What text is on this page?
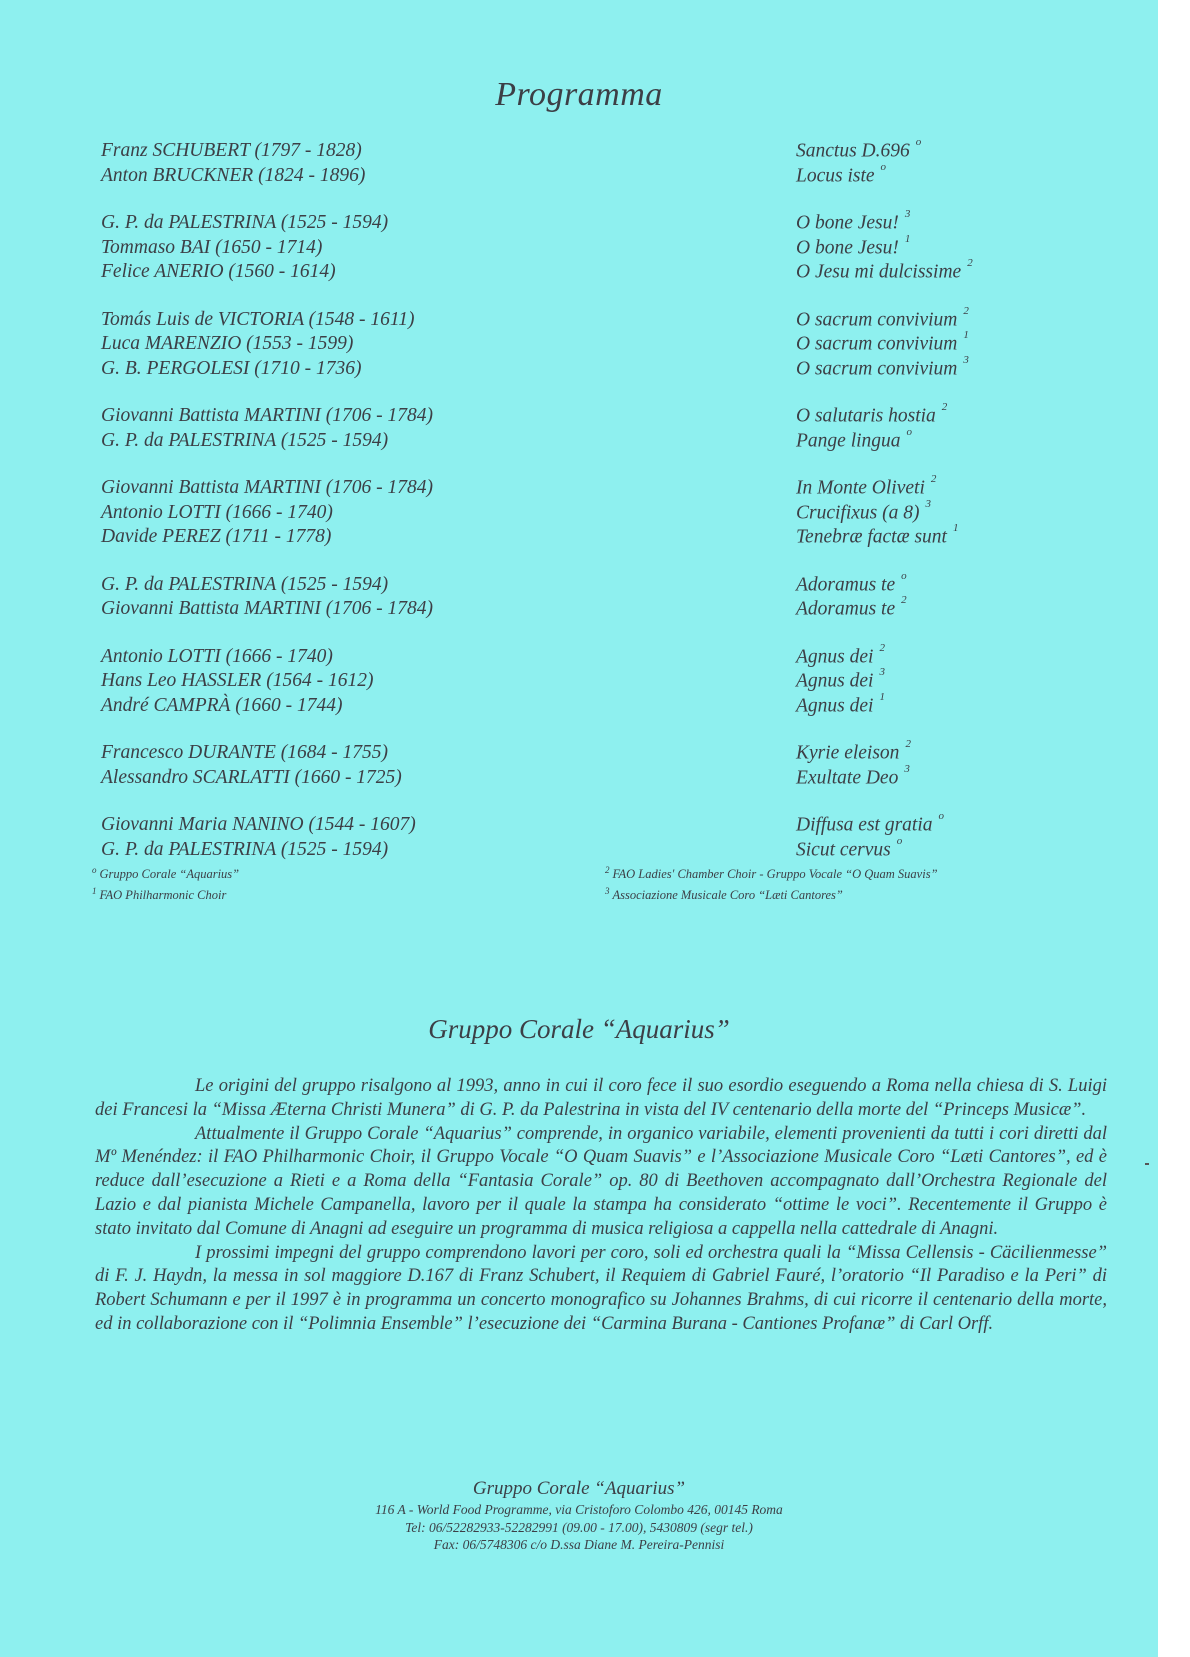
Programma
Franz SCHUBERT (1797 - 1828)	Sanctus D.696 $^o$
Anton BRUCKNER (1824 - 1896)	Locus iste $^o$
G. P. da PALESTRINA (1525 - 1594)	O bone Jesu! $^3$
Tommaso BAI (1650 - 1714)	O bone Jesu! $^1$
Felice ANERIO (1560 - 1614)	O Jesu mi dulcissime $^2$
Tomás Luis de VICTORIA (1548 - 1611)	O sacrum convivium $^2$
Luca MARENZIO (1553 - 1599)	O sacrum convivium $^1$
G. B. PERGOLESI (1710 - 1736)	O sacrum convivium $^3$
Giovanni Battista MARTINI (1706 - 1784)	O salutaris hostia $^2$
G. P. da PALESTRINA (1525 - 1594)	Pange lingua $^o$
Giovanni Battista MARTINI (1706 - 1784)	In Monte Oliveti $^2$
Antonio LOTTI (1666 - 1740)	Crucifixus (a 8) $^3$
Davide PEREZ (1711 - 1778)	Tenebræ factæ sunt $^1$
G. P. da PALESTRINA (1525 - 1594)	Adoramus te $^o$
Giovanni Battista MARTINI (1706 - 1784)	Adoramus te $^2$
Antonio LOTTI (1666 - 1740)	Agnus dei $^2$
Hans Leo HASSLER (1564 - 1612)	Agnus dei $^3$
André CAMPRÀ (1660 - 1744)	Agnus dei $^1$
Francesco DURANTE (1684 - 1755)	Kyrie eleison $^2$
Alessandro SCARLATTI (1660 - 1725)	Exultate Deo $^3$
Giovanni Maria NANINO (1544 - 1607)	Diffusa est gratia $^o$
G. P. da PALESTRINA (1525 - 1594)	Sicut cervus $^o$
$^o$ Gruppo Corale “Aquarius”
$^1$ FAO Philharmonic Choir
$^2$ FAO Ladies' Chamber Choir - Gruppo Vocale “O Quam Suavis”
$^3$ Associazione Musicale Coro “Læti Cantores”
Gruppo Corale “Aquarius”

Le origini del gruppo risalgono al 1993, anno in cui il coro fece il suo esordio eseguendo a Roma nella chiesa di S. Luigi dei Francesi la “Missa Æterna Christi Munera” di G. P. da Palestrina in vista del IV centenario della morte del “Princeps Musicæ”.

Attualmente il Gruppo Corale “Aquarius” comprende, in organico variabile, elementi provenienti da tutti i cori diretti dal Mº Menéndez: il FAO Philharmonic Choir, il Gruppo Vocale “O Quam Suavis” e l’Associazione Musicale Coro “Læti Cantores”, ed è reduce dall’esecuzione a Rieti e a Roma della “Fantasia Corale” op. 80 di Beethoven accompagnato dall’Orchestra Regionale del Lazio e dal pianista Michele Campanella, lavoro per il quale la stampa ha considerato “ottime le voci”. Recentemente il Gruppo è stato invitato dal Comune di Anagni ad eseguire un programma di musica religiosa a cappella nella cattedrale di Anagni.

I prossimi impegni del gruppo comprendono lavori per coro, soli ed orchestra quali la “Missa Cellensis - Cäcilienmesse” di F. J. Haydn, la messa in sol maggiore D.167 di Franz Schubert, il Requiem di Gabriel Fauré, l’oratorio “Il Paradiso e la Peri” di Robert Schumann e per il 1997 è in programma un concerto monografico su Johannes Brahms, di cui ricorre il centenario della morte, ed in collaborazione con il “Polimnia Ensemble” l’esecuzione dei “Carmina Burana - Cantiones Profanæ” di Carl Orff.

Gruppo Corale “Aquarius”
116 A - World Food Programme, via Cristoforo Colombo 426, 00145 Roma
Tel: 06/52282933-52282991 (09.00 - 17.00), 5430809 (segr tel.)
Fax: 06/5748306 c/o D.ssa Diane M. Pereira-Pennisi
